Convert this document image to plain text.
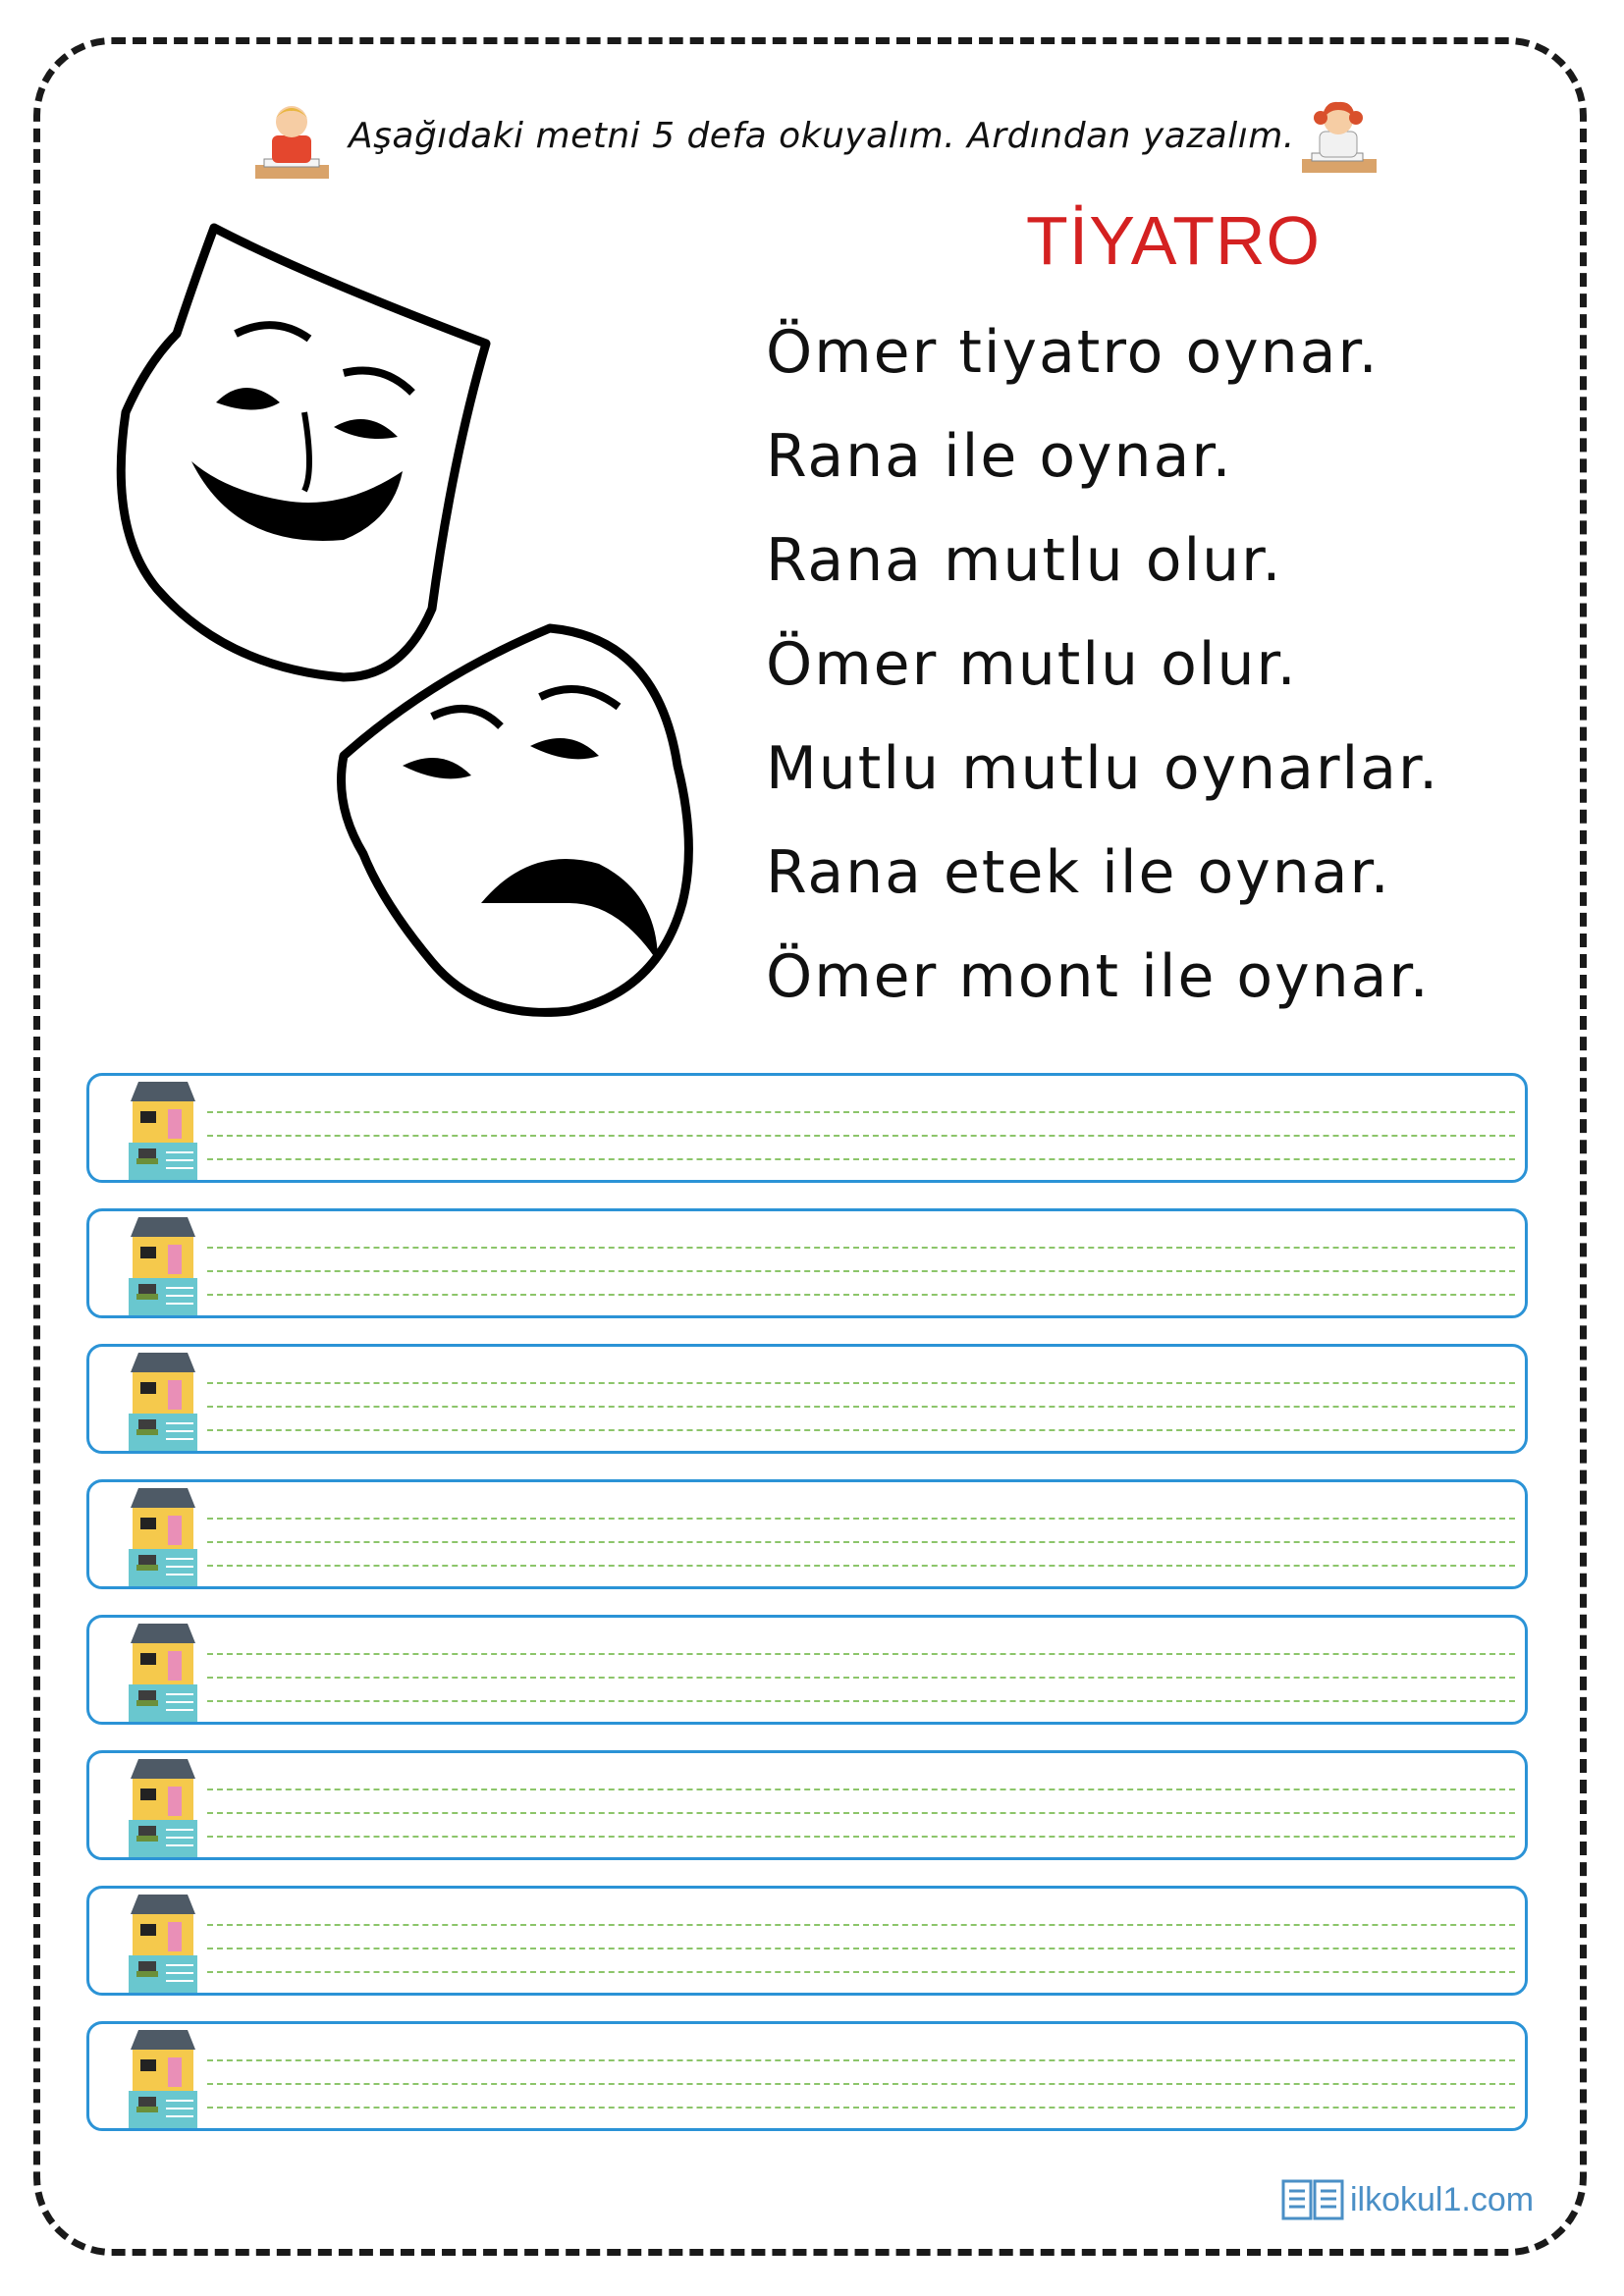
Aşağıdaki metni 5 defa okuyalım. Ardından yazalım.
TİYATRO
Ömer tiyatro oynar.
Rana ile oynar.
Rana mutlu olur.
Ömer mutlu olur.
Mutlu mutlu oynarlar.
Rana etek ile oynar.
Ömer mont ile oynar.
ilkokul1.com
